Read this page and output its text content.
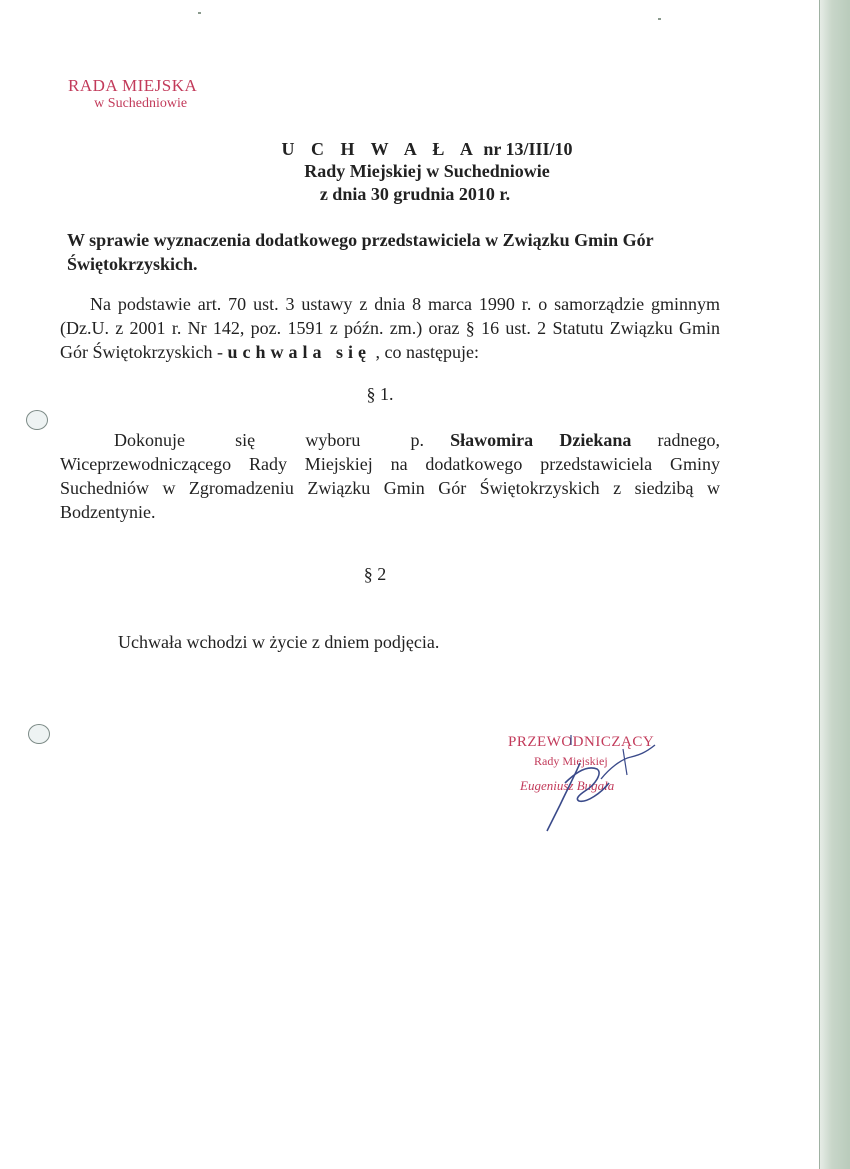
RADA MIEJSKA
w Suchedniowie
U C H W A Ł A nr 13/III/10
Rady Miejskiej w Suchedniowie
z dnia 30 grudnia 2010 r.
W sprawie wyznaczenia dodatkowego przedstawiciela w Związku Gmin Gór Świętokrzyskich.
Na podstawie art. 70 ust. 3 ustawy z dnia 8 marca 1990 r. o samorządzie gminnym (Dz.U. z 2001 r. Nr 142, poz. 1591 z późn. zm.) oraz § 16 ust. 2 Statutu Związku Gmin Gór Świętokrzyskich - uchwala się , co następuje:
§ 1.
Dokonuje się wyboru p. Sławomira Dziekana radnego, Wiceprzewodniczącego Rady Miejskiej na dodatkowego przedstawiciela Gminy Suchedniów w Zgromadzeniu Związku Gmin Gór Świętokrzyskich z siedzibą w Bodzentynie.
§ 2
Uchwała wchodzi w życie z dniem podjęcia.
PRZEWODNICZĄCY
Rady Miejskiej
Eugeniusz Bugała
